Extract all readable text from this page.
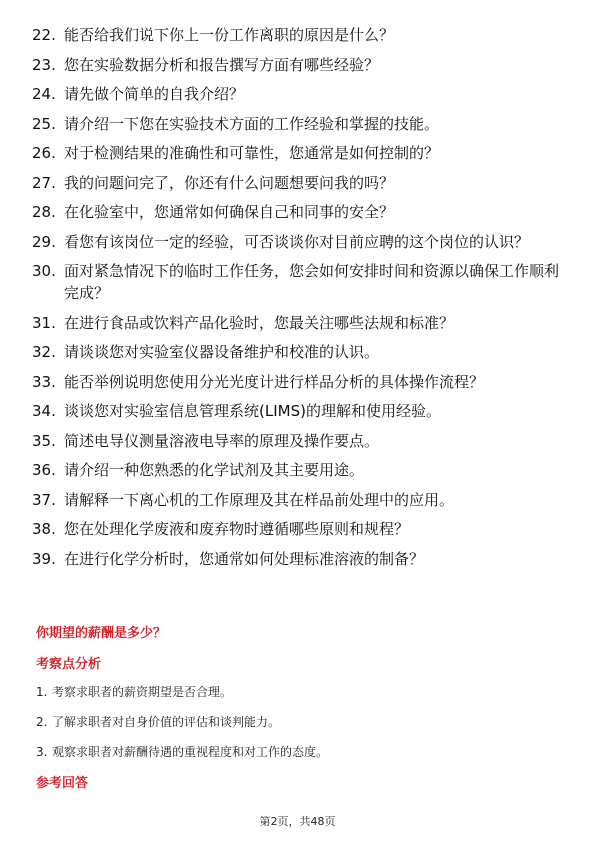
22. 能否给我们说下你上一份工作离职的原因是什么？
23. 您在实验数据分析和报告撰写方面有哪些经验？
24. 请先做个简单的自我介绍？
25. 请介绍一下您在实验技术方面的工作经验和掌握的技能。
26. 对于检测结果的准确性和可靠性，您通常是如何控制的？
27. 我的问题问完了，你还有什么问题想要问我的吗？
28. 在化验室中，您通常如何确保自己和同事的安全？
29. 看您有该岗位一定的经验，可否谈谈你对目前应聘的这个岗位的认识？
30. 面对紧急情况下的临时工作任务，您会如何安排时间和资源以确保工作顺利完成？
31. 在进行食品或饮料产品化验时，您最关注哪些法规和标准？
32. 请谈谈您对实验室仪器设备维护和校准的认识。
33. 能否举例说明您使用分光光度计进行样品分析的具体操作流程？
34. 谈谈您对实验室信息管理系统(LIMS)的理解和使用经验。
35. 简述电导仪测量溶液电导率的原理及操作要点。
36. 请介绍一种您熟悉的化学试剂及其主要用途。
37. 请解释一下离心机的工作原理及其在样品前处理中的应用。
38. 您在处理化学废液和废弃物时遵循哪些原则和规程？
39. 在进行化学分析时，您通常如何处理标准溶液的制备？
你期望的薪酬是多少？
考察点分析
1. 考察求职者的薪资期望是否合理。
2. 了解求职者对自身价值的评估和谈判能力。
3. 观察求职者对薪酬待遇的重视程度和对工作的态度。
参考回答
第2页，共48页
